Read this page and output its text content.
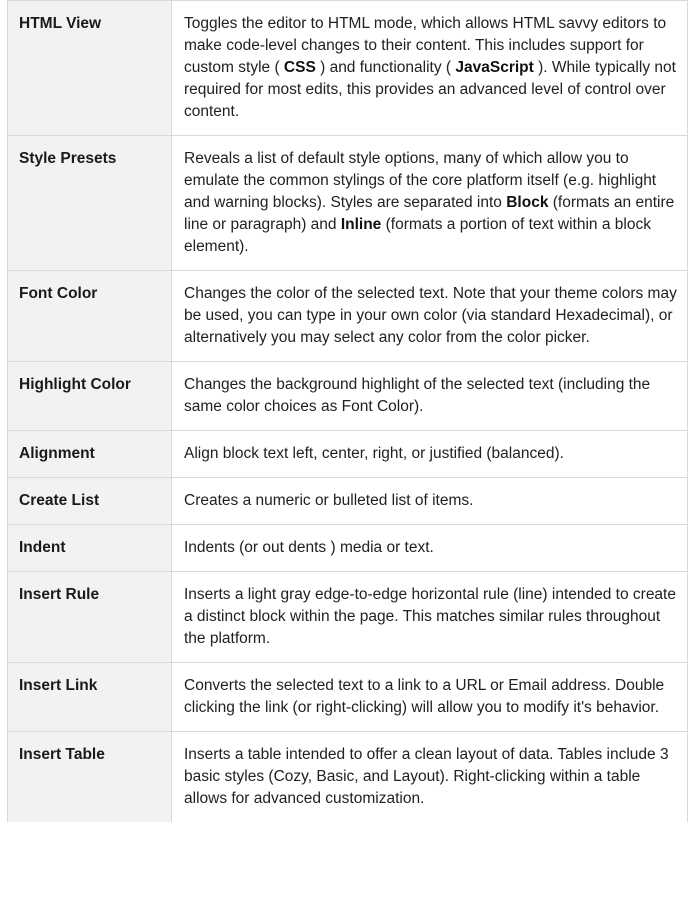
HTML View	Toggles the editor to HTML mode, which allows HTML savvy editors to make code-level changes to their content. This includes support for custom style ( CSS ) and functionality ( JavaScript ). While typically not required for most edits, this provides an advanced level of control over content.
Style Presets	Reveals a list of default style options, many of which allow you to emulate the common stylings of the core platform itself (e.g. highlight and warning blocks). Styles are separated into Block (formats an entire line or paragraph) and Inline (formats a portion of text within a block element).
Font Color	Changes the color of the selected text. Note that your theme colors may be used, you can type in your own color (via standard Hexadecimal), or alternatively you may select any color from the color picker.
Highlight Color	Changes the background highlight of the selected text (including the same color choices as Font Color).
Alignment	Align block text left, center, right, or justified (balanced).
Create List	Creates a numeric or bulleted list of items.
Indent	Indents (or out dents ) media or text.
Insert Rule	Inserts a light gray edge-to-edge horizontal rule (line) intended to create a distinct block within the page. This matches similar rules throughout the platform.
Insert Link	Converts the selected text to a link to a URL or Email address. Double clicking the link (or right-clicking) will allow you to modify it's behavior.
Insert Table	Inserts a table intended to offer a clean layout of data. Tables include 3 basic styles (Cozy, Basic, and Layout). Right-clicking within a table allows for advanced customization.
